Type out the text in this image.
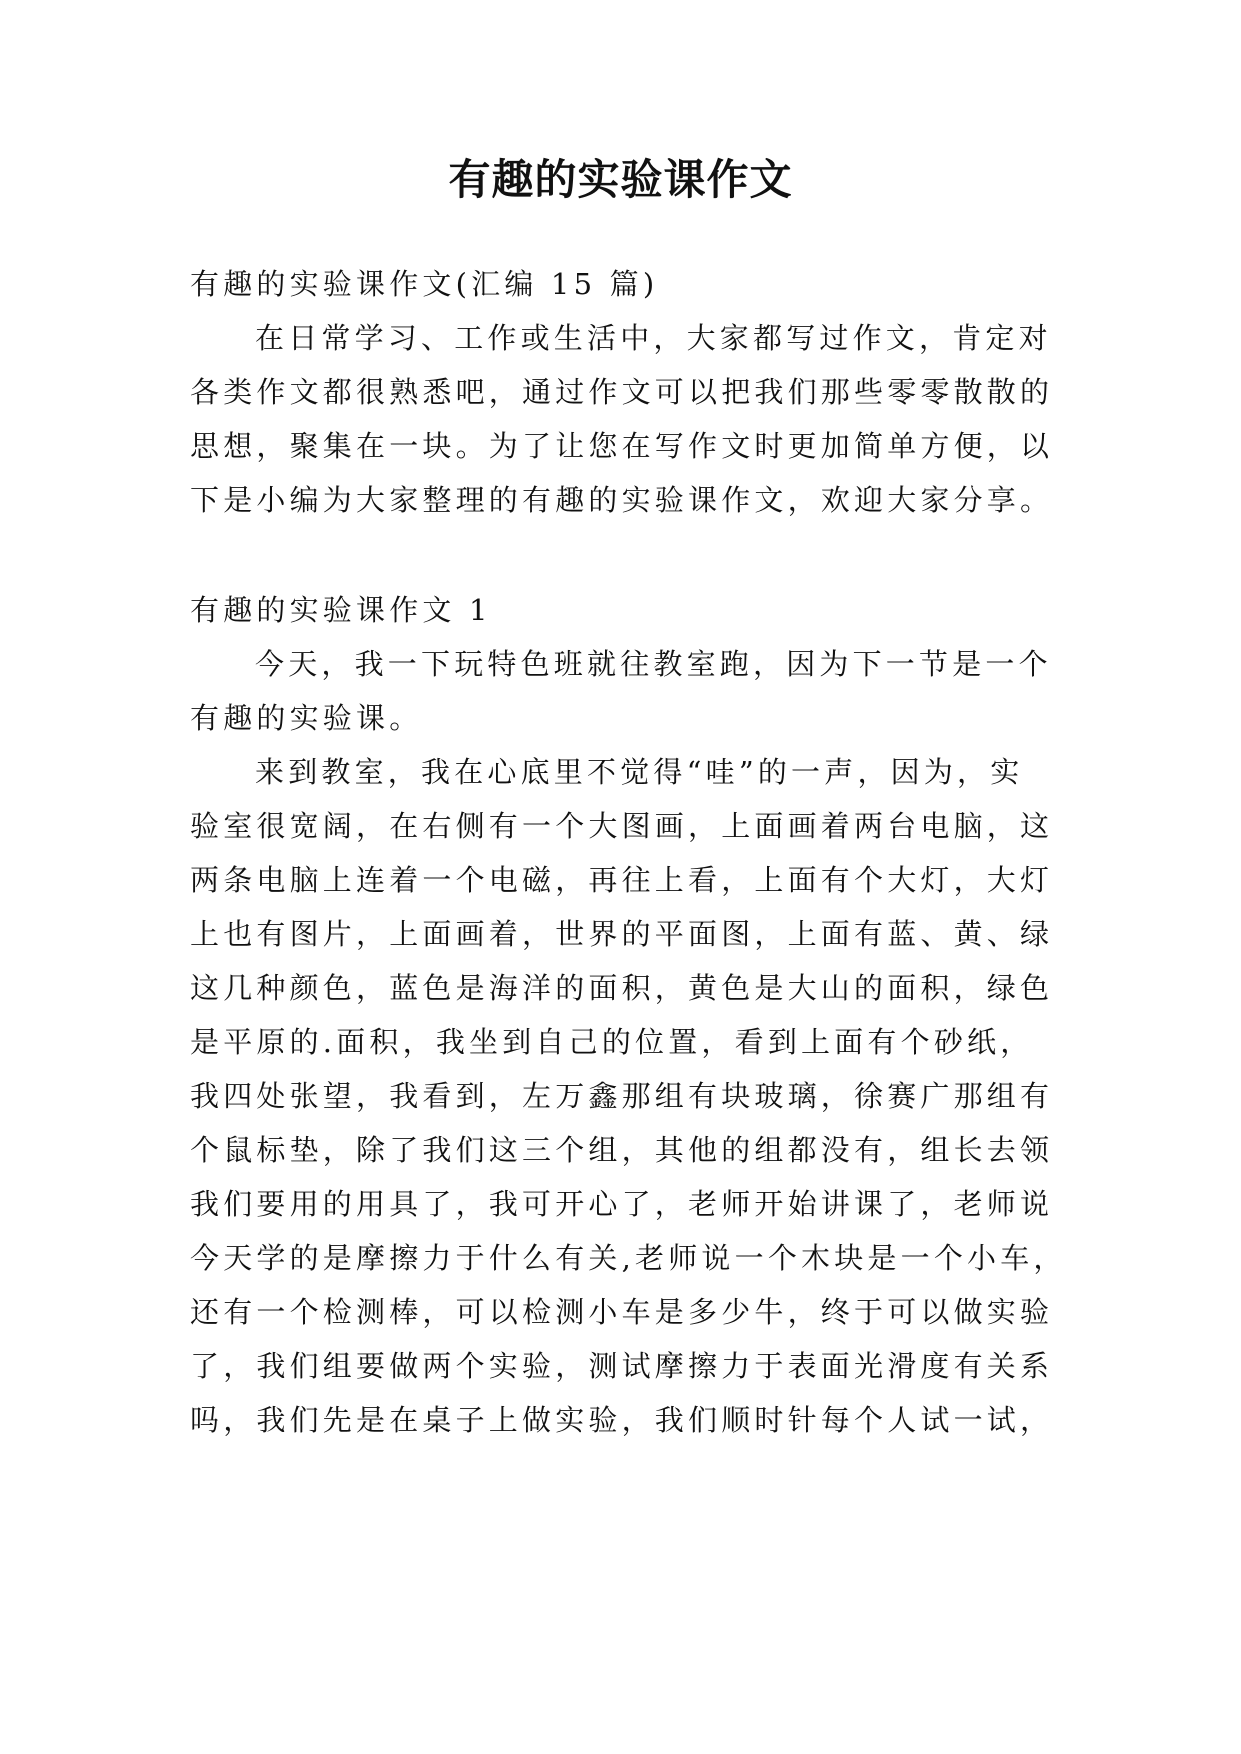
有趣的实验课作文
有趣的实验课作文(汇编 15 篇)
在日常学习、工作或生活中，大家都写过作文，肯定对
各类作文都很熟悉吧，通过作文可以把我们那些零零散散的
思想，聚集在一块。为了让您在写作文时更加简单方便，以
下是小编为大家整理的有趣的实验课作文，欢迎大家分享。
有趣的实验课作文 1
今天，我一下玩特色班就往教室跑，因为下一节是一个
有趣的实验课。
来到教室，我在心底里不觉得“哇”的一声，因为，实
验室很宽阔，在右侧有一个大图画，上面画着两台电脑，这
两条电脑上连着一个电磁，再往上看，上面有个大灯，大灯
上也有图片，上面画着，世界的平面图，上面有蓝、黄、绿
这几种颜色，蓝色是海洋的面积，黄色是大山的面积，绿色
是平原的.面积，我坐到自己的位置，看到上面有个砂纸，
我四处张望，我看到，左万鑫那组有块玻璃，徐赛广那组有
个鼠标垫，除了我们这三个组，其他的组都没有，组长去领
我们要用的用具了，我可开心了，老师开始讲课了，老师说
今天学的是摩擦力于什么有关,老师说一个木块是一个小车，
还有一个检测棒，可以检测小车是多少牛，终于可以做实验
了，我们组要做两个实验，测试摩擦力于表面光滑度有关系
吗，我们先是在桌子上做实验，我们顺时针每个人试一试，
